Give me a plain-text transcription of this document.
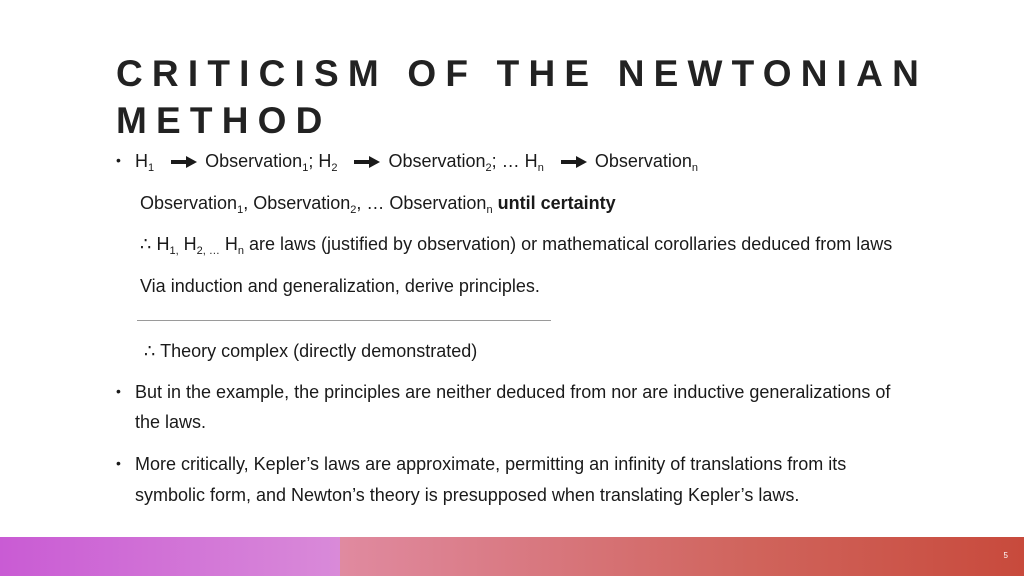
CRITICISM OF THE NEWTONIAN METHOD
• $H_1$	Observation$_1$; $H_2$	Observation$_2$; … $H_n$	Observation$_n$
Observation$_1$, Observation$_2$, … Observation$_n$ until certainty
∴ $H_{1,}$ $H_{2, \dots}$ $H_n$ are laws (justified by observation) or mathematical corollaries deduced from laws
Via induction and generalization, derive principles.
∴ Theory complex (directly demonstrated)
• But in the example, the principles are neither deduced from nor are inductive generalizations of
the laws.
• More critically, Kepler’s laws are approximate, permitting an infinity of translations from its
symbolic form, and Newton’s theory is presupposed when translating Kepler’s laws.
5
